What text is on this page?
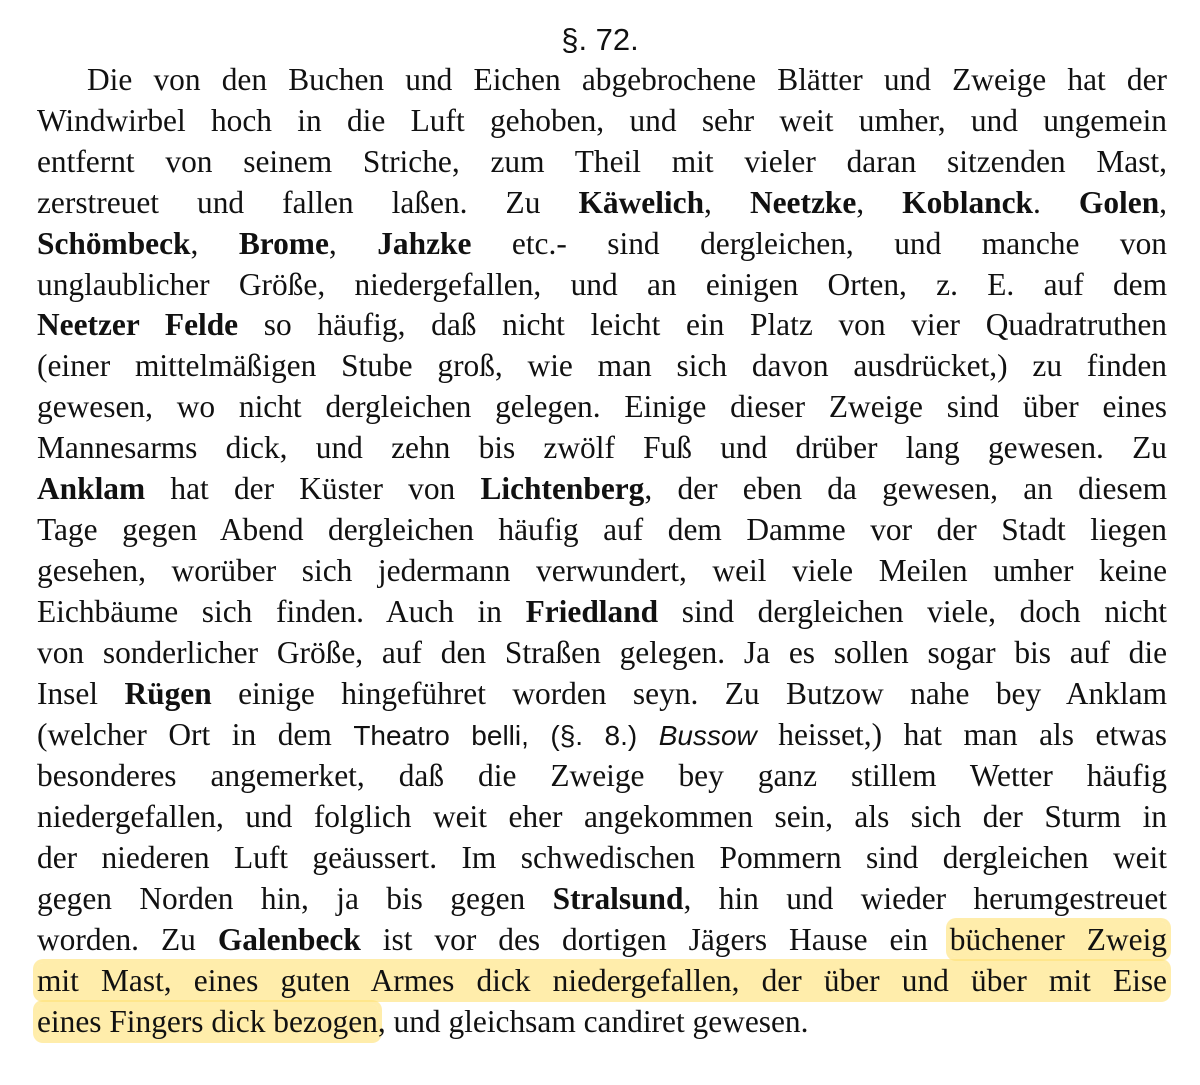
§. 72.
Die von den Buchen und Eichen abgebrochene Blätter und Zweige hat der
Windwirbel hoch in die Luft gehoben, und sehr weit umher, und ungemein
entfernt von seinem Striche, zum Theil mit vieler daran sitzenden Mast,
zerstreuet und fallen laßen. Zu Käwelich, Neetzke, Koblanck. Golen,
Schömbeck, Brome, Jahzke etc.- sind dergleichen, und manche von
unglaublicher Größe, niedergefallen, und an einigen Orten, z. E. auf dem
Neetzer Felde so häufig, daß nicht leicht ein Platz von vier Quadratruthen
(einer mittelmäßigen Stube groß, wie man sich davon ausdrücket,) zu finden
gewesen, wo nicht dergleichen gelegen. Einige dieser Zweige sind über eines
Mannesarms dick, und zehn bis zwölf Fuß und drüber lang gewesen. Zu
Anklam hat der Küster von Lichtenberg, der eben da gewesen, an diesem
Tage gegen Abend dergleichen häufig auf dem Damme vor der Stadt liegen
gesehen, worüber sich jedermann verwundert, weil viele Meilen umher keine
Eichbäume sich finden. Auch in Friedland sind dergleichen viele, doch nicht
von sonderlicher Größe, auf den Straßen gelegen. Ja es sollen sogar bis auf die
Insel Rügen einige hingeführet worden seyn. Zu Butzow nahe bey Anklam
(welcher Ort in dem Theatro belli, (§. 8.) Bussow heisset,) hat man als etwas
besonderes angemerket, daß die Zweige bey ganz stillem Wetter häufig
niedergefallen, und folglich weit eher angekommen sein, als sich der Sturm in
der niederen Luft geäussert. Im schwedischen Pommern sind dergleichen weit
gegen Norden hin, ja bis gegen Stralsund, hin und wieder herumgestreuet
worden. Zu Galenbeck ist vor des dortigen Jägers Hause ein büchener Zweig
mit Mast, eines guten Armes dick niedergefallen, der über und über mit Eise
eines Fingers dick bezogen, und gleichsam candiret gewesen.
